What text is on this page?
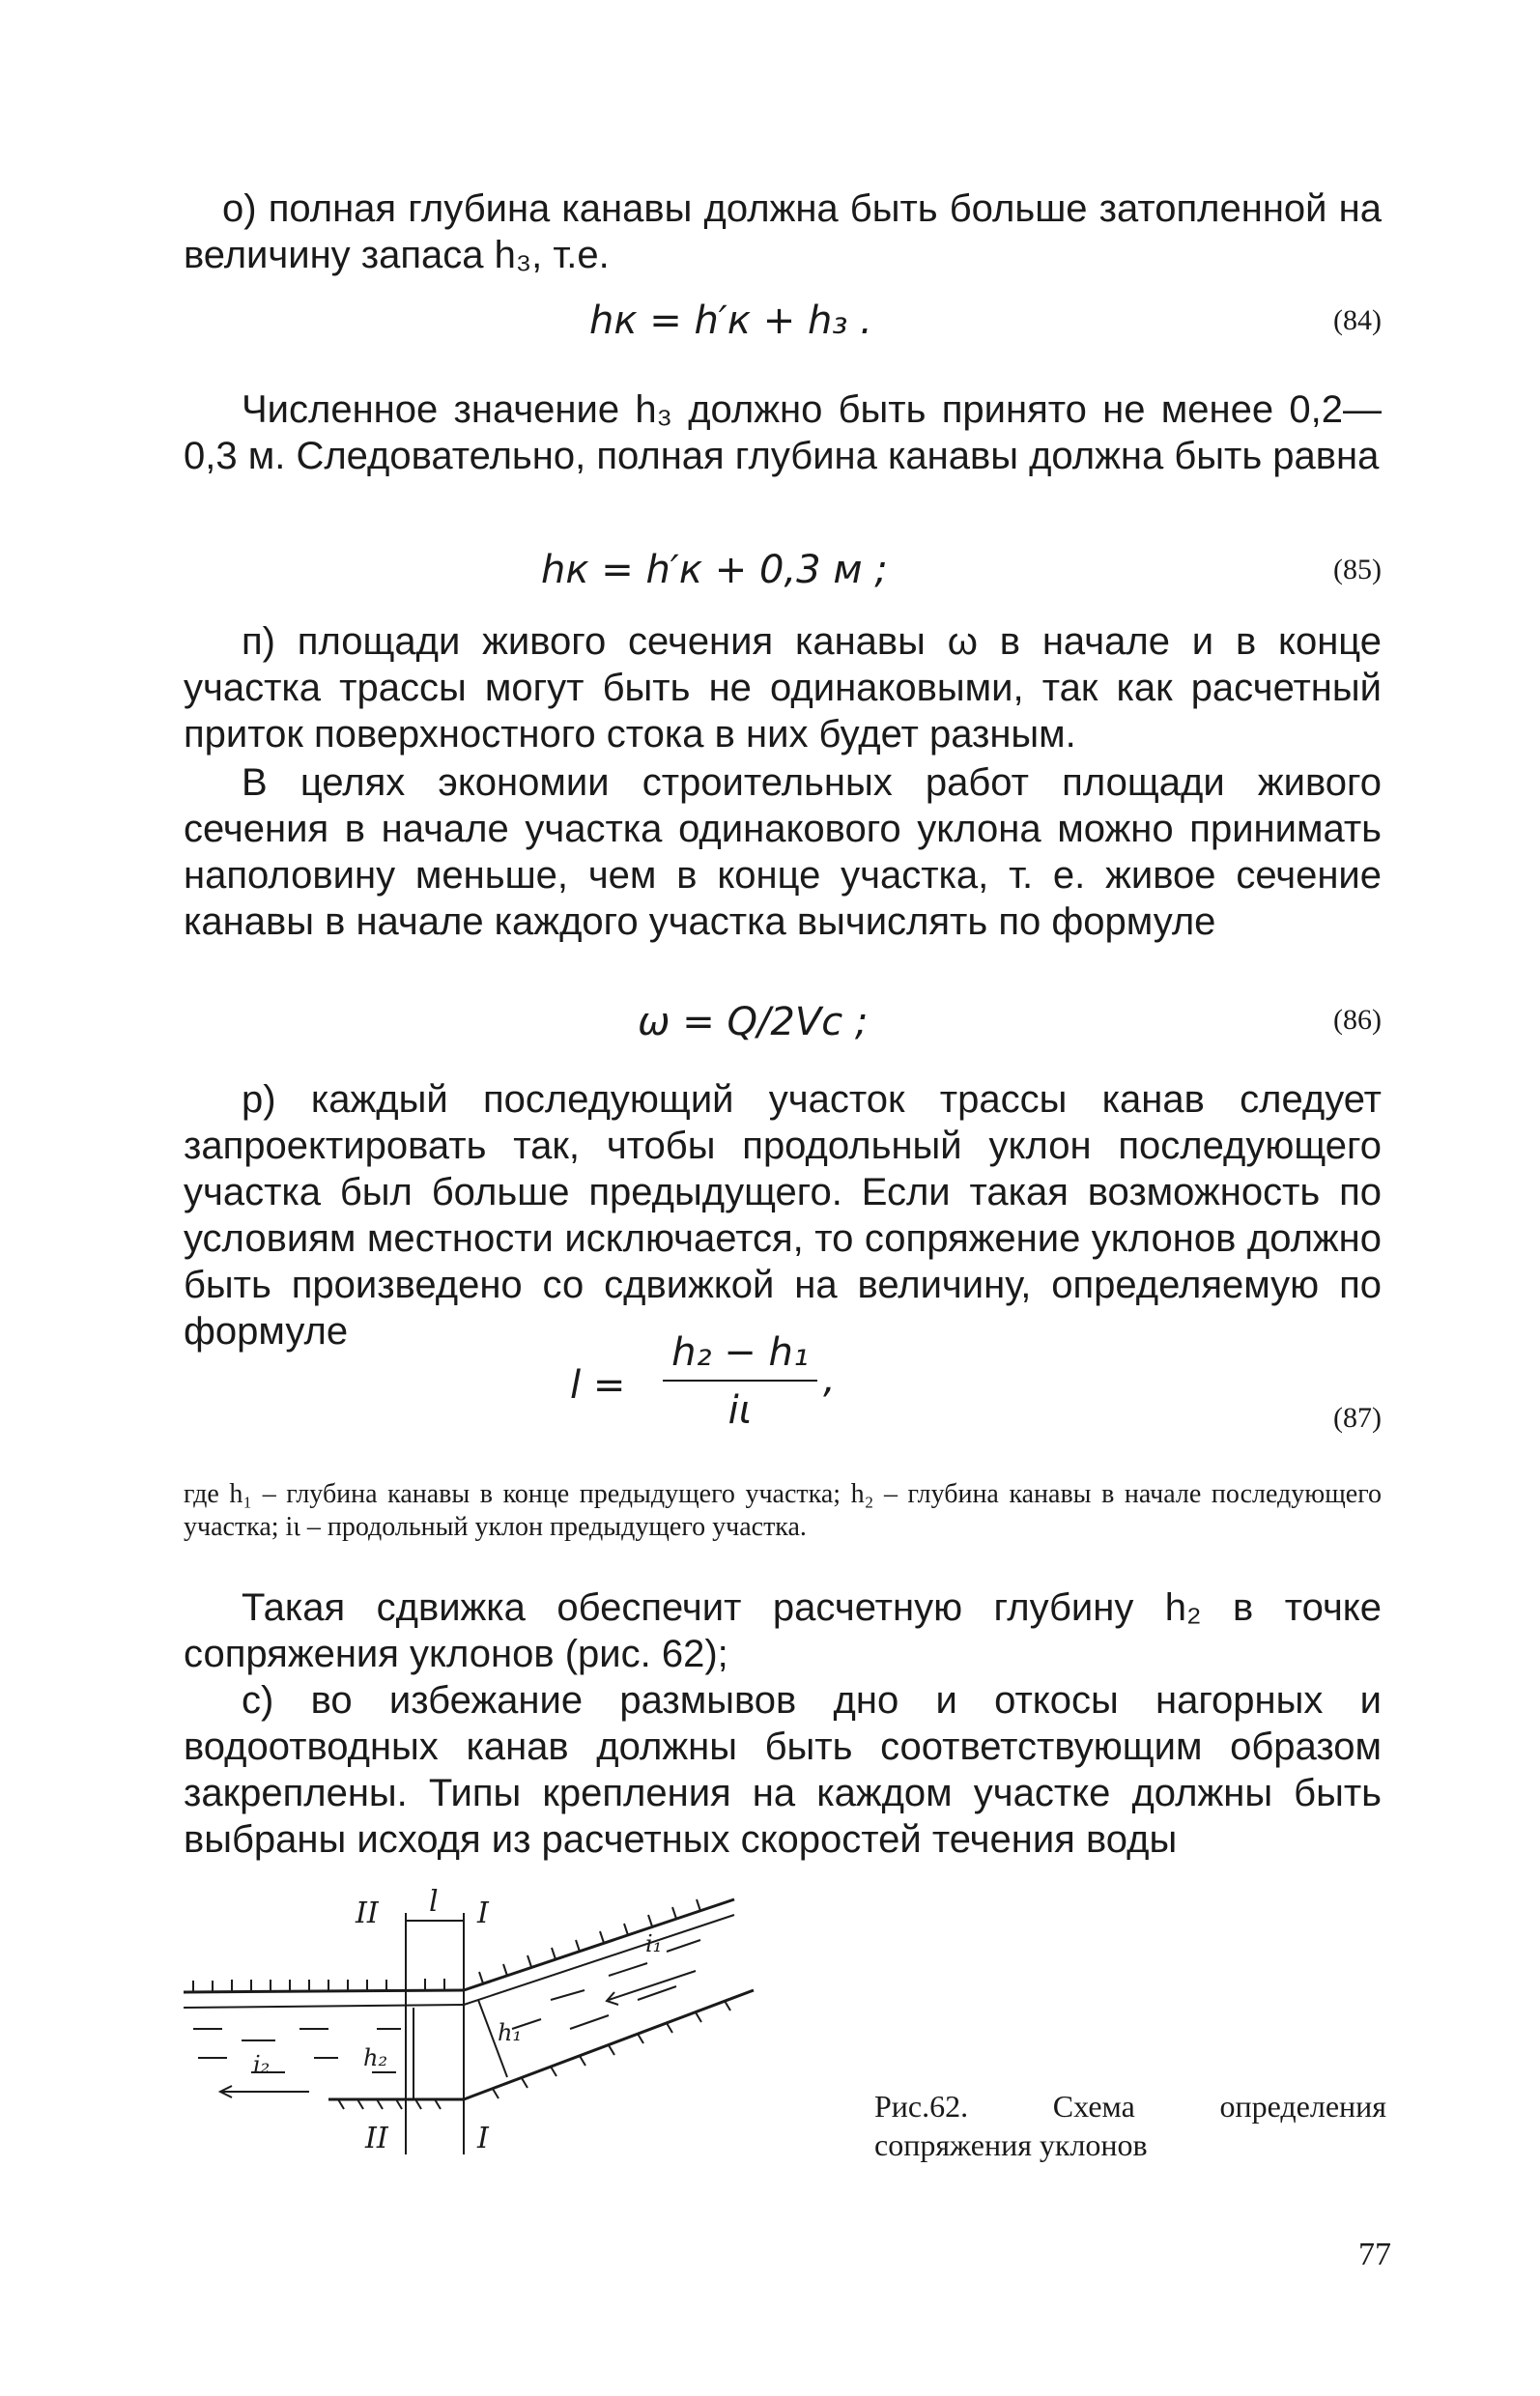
о) полная глубина канавы должна быть больше затопленной на величину запаса h₃, т.е.

hк = h′к + h₃ .	(84)

Численное значение h₃ должно быть принято не менее 0,2—0,3 м. Следовательно, полная глубина канавы должна быть равна

hк = h′к + 0,3 м ;	(85)

п) площади живого сечения канавы ω в начале и в конце участка трассы могут быть не одинаковыми, так как расчетный приток поверхностного стока в них будет разным.

В целях экономии строительных работ площади живого сечения в начале участка одинакового уклона можно принимать наполовину меньше, чем в конце участка, т. е. живое сечение канавы в начале каждого участка вычислять по формуле

ω = Q/2Vс ;	(86)

р) каждый последующий участок трассы канав следует запроектировать так, чтобы продольный уклон последующего участка был больше предыдущего. Если такая возможность по условиям местности исключается, то сопряжение уклонов должно быть произведено со сдвижкой на величину, определяемую по формуле

l =
h₂ − h₁
iι
,
(87)

где h₁ – глубина канавы в конце предыдущего участка; h₂ – глубина канавы в начале последующего участка; iι – продольный уклон предыдущего участка.

Такая сдвижка обеспечит расчетную глубину h₂ в точке сопряжения уклонов (рис. 62);

с) во избежание размывов дно и откосы нагорных и водоотводных канав должны быть соответствующим образом закреплены. Типы крепления на каждом участке должны быть выбраны исходя из расчетных скоростей течения воды

II l I
i₁
i₂
h₁
h₂
II	I

Рис.62. Схема определения сопряжения уклонов

77
